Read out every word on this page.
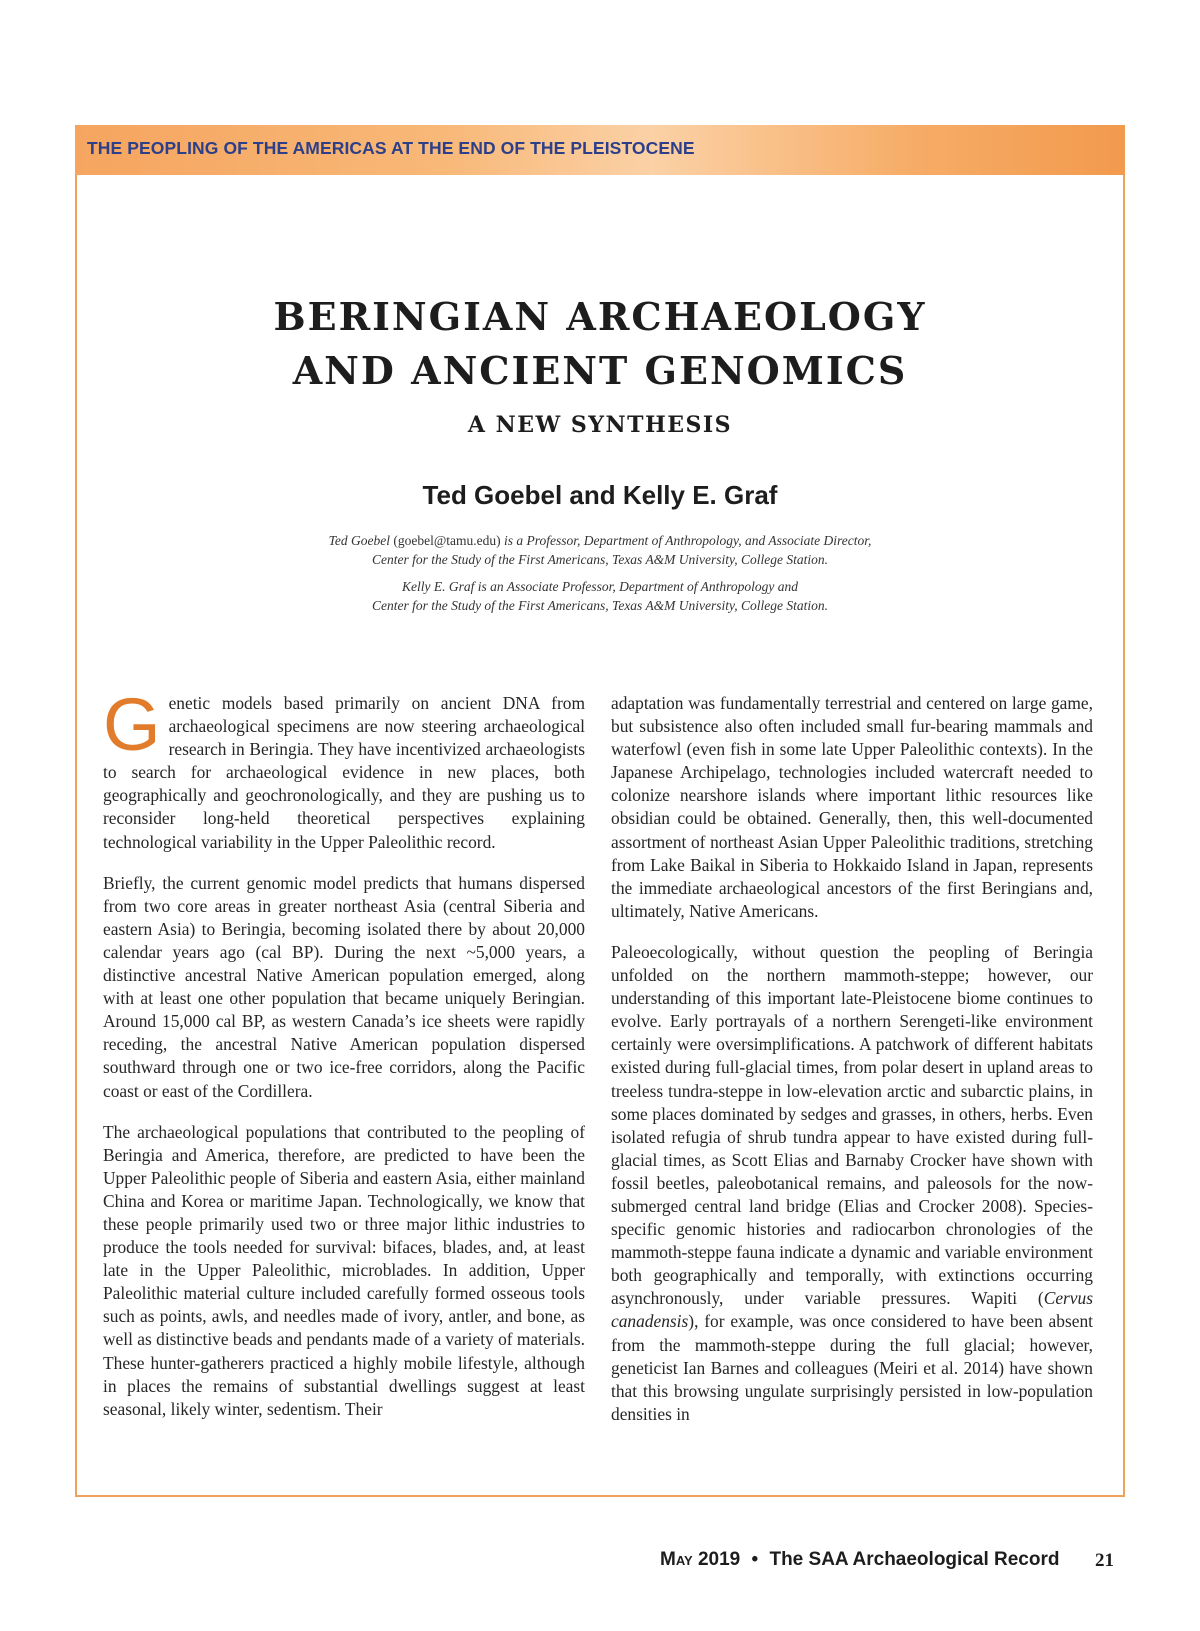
THE PEOPLING OF THE AMERICAS AT THE END OF THE PLEISTOCENE
BERINGIAN ARCHAEOLOGY
AND ANCIENT GENOMICS
A NEW SYNTHESIS
Ted Goebel and Kelly E. Graf
Ted Goebel (goebel@tamu.edu) is a Professor, Department of Anthropology, and Associate Director,
Center for the Study of the First Americans, Texas A&M University, College Station.
Kelly E. Graf is an Associate Professor, Department of Anthropology and
Center for the Study of the First Americans, Texas A&M University, College Station.

Genetic models based primarily on ancient DNA from archaeological specimens are now steering archaeological research in Beringia. They have incentivized archaeologists to search for archaeological evidence in new places, both geographically and geochronologically, and they are pushing us to reconsider long-held theoretical perspectives explaining technological variability in the Upper Paleolithic record.

Briefly, the current genomic model predicts that humans dispersed from two core areas in greater northeast Asia (central Siberia and eastern Asia) to Beringia, becoming isolated there by about 20,000 calendar years ago (cal BP). During the next ~5,000 years, a distinctive ancestral Native American population emerged, along with at least one other population that became uniquely Beringian. Around 15,000 cal BP, as western Canada’s ice sheets were rapidly receding, the ancestral Native American population dispersed southward through one or two ice-free corridors, along the Pacific coast or east of the Cordillera.

The archaeological populations that contributed to the peopling of Beringia and America, therefore, are predicted to have been the Upper Paleolithic people of Siberia and eastern Asia, either mainland China and Korea or maritime Japan. Technologically, we know that these people primarily used two or three major lithic industries to produce the tools needed for survival: bifaces, blades, and, at least late in the Upper Paleolithic, microblades. In addition, Upper Paleolithic material culture included carefully formed osseous tools such as points, awls, and needles made of ivory, antler, and bone, as well as distinctive beads and pendants made of a variety of materials. These hunter-gatherers practiced a highly mobile lifestyle, although in places the remains of substantial dwellings suggest at least seasonal, likely winter, sedentism. Their

adaptation was fundamentally terrestrial and centered on large game, but subsistence also often included small fur-bearing mammals and waterfowl (even fish in some late Upper Paleolithic contexts). In the Japanese Archipelago, technologies included watercraft needed to colonize nearshore islands where important lithic resources like obsidian could be obtained. Generally, then, this well-documented assortment of northeast Asian Upper Paleolithic traditions, stretching from Lake Baikal in Siberia to Hokkaido Island in Japan, represents the immediate archaeological ancestors of the first Beringians and, ultimately, Native Americans.

Paleoecologically, without question the peopling of Beringia unfolded on the northern mammoth-steppe; however, our understanding of this important late-Pleistocene biome continues to evolve. Early portrayals of a northern Serengeti-like environment certainly were oversimplifications. A patchwork of different habitats existed during full-glacial times, from polar desert in upland areas to treeless tundra-steppe in low-elevation arctic and subarctic plains, in some places dominated by sedges and grasses, in others, herbs. Even isolated refugia of shrub tundra appear to have existed during full-glacial times, as Scott Elias and Barnaby Crocker have shown with fossil beetles, paleobotanical remains, and paleosols for the now-submerged central land bridge (Elias and Crocker 2008). Species-specific genomic histories and radiocarbon chronologies of the mammoth-steppe fauna indicate a dynamic and variable environment both geographically and temporally, with extinctions occurring asynchronously, under variable pressures. Wapiti (Cervus canadensis), for example, was once considered to have been absent from the mammoth-steppe during the full glacial; however, geneticist Ian Barnes and colleagues (Meiri et al. 2014) have shown that this browsing ungulate surprisingly persisted in low-population densities in

May 2019 • The SAA Archaeological Record 21
